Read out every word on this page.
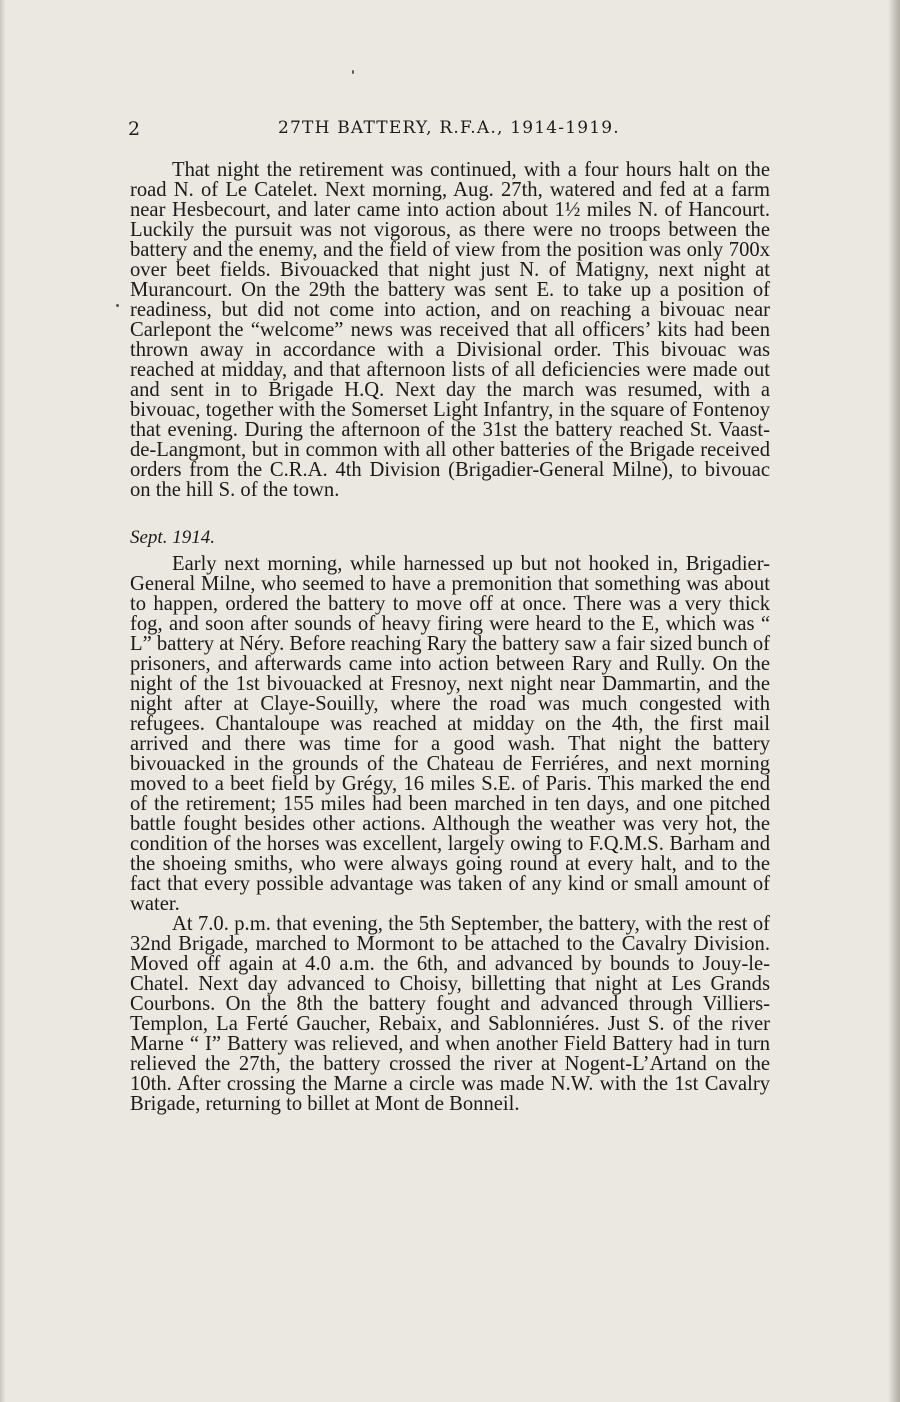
2	27TH BATTERY, R.F.A., 1914-1919.

That night the retirement was continued, with a four hours halt on the road N. of Le Catelet. Next morning, Aug. 27th, watered and fed at a farm near Hesbecourt, and later came into action about 1½ miles N. of Hancourt. Luckily the pursuit was not vigorous, as there were no troops between the battery and the enemy, and the field of view from the position was only 700x over beet fields. Bivouacked that night just N. of Matigny, next night at Murancourt. On the 29th the battery was sent E. to take up a position of readiness, but did not come into action, and on reaching a bivouac near Carlepont the “welcome” news was received that all officers’ kits had been thrown away in accordance with a Divisional order. This bivouac was reached at midday, and that afternoon lists of all deficiencies were made out and sent in to Brigade H.Q. Next day the march was resumed, with a bivouac, together with the Somerset Light Infantry, in the square of Fontenoy that evening. During the afternoon of the 31st the battery reached St. Vaast-de-Langmont, but in common with all other batteries of the Brigade received orders from the C.R.A. 4th Division (Brigadier-General Milne), to bivouac on the hill S. of the town.

Sept. 1914.

Early next morning, while harnessed up but not hooked in, Brigadier-General Milne, who seemed to have a premonition that something was about to happen, ordered the battery to move off at once. There was a very thick fog, and soon after sounds of heavy firing were heard to the E, which was “ L” battery at Néry. Before reaching Rary the battery saw a fair sized bunch of prisoners, and afterwards came into action between Rary and Rully. On the night of the 1st bivouacked at Fresnoy, next night near Dammartin, and the night after at Claye-Souilly, where the road was much congested with refugees. Chantaloupe was reached at midday on the 4th, the first mail arrived and there was time for a good wash. That night the battery bivouacked in the grounds of the Chateau de Ferriéres, and next morning moved to a beet field by Grégy, 16 miles S.E. of Paris. This marked the end of the retirement; 155 miles had been marched in ten days, and one pitched battle fought besides other actions. Although the weather was very hot, the condition of the horses was excellent, largely owing to F.Q.M.S. Barham and the shoeing smiths, who were always going round at every halt, and to the fact that every possible advantage was taken of any kind or small amount of water.

At 7.0. p.m. that evening, the 5th September, the battery, with the rest of 32nd Brigade, marched to Mormont to be attached to the Cavalry Division. Moved off again at 4.0 a.m. the 6th, and advanced by bounds to Jouy-le-Chatel. Next day advanced to Choisy, billetting that night at Les Grands Courbons. On the 8th the battery fought and advanced through Villiers-Templon, La Ferté Gaucher, Rebaix, and Sablonniéres. Just S. of the river Marne “ I” Battery was relieved, and when another Field Battery had in turn relieved the 27th, the battery crossed the river at Nogent-L’Artand on the 10th. After crossing the Marne a circle was made N.W. with the 1st Cavalry Brigade, returning to billet at Mont de Bonneil.
